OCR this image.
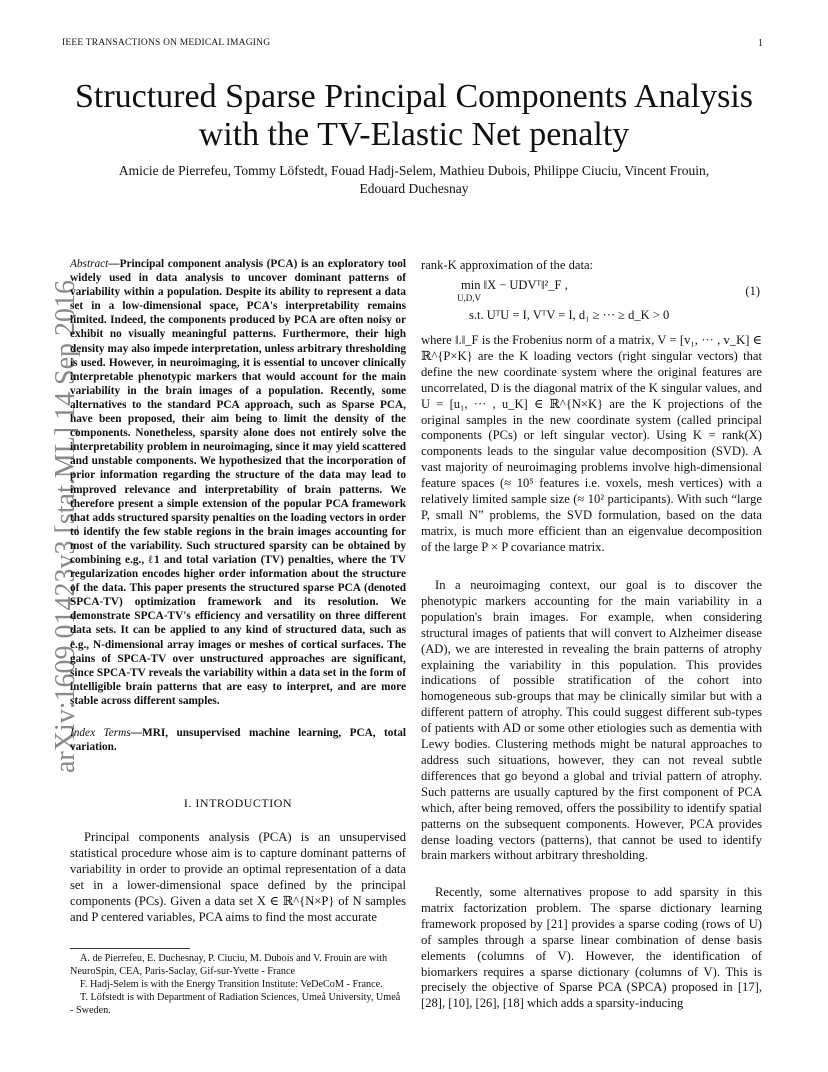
IEEE TRANSACTIONS ON MEDICAL IMAGING	1
arXiv:1609.01423v3 [stat.ML] 14 Sep 2016
Structured Sparse Principal Components Analysis
with the TV-Elastic Net penalty
Amicie de Pierrefeu, Tommy Löfstedt, Fouad Hadj-Selem, Mathieu Dubois, Philippe Ciuciu, Vincent Frouin,
Edouard Duchesnay
Abstract—Principal component analysis (PCA) is an exploratory tool widely used in data analysis to uncover dominant patterns of variability within a population. Despite its ability to represent a data set in a low-dimensional space, PCA's interpretability remains limited. Indeed, the components produced by PCA are often noisy or exhibit no visually meaningful patterns. Furthermore, their high density may also impede interpretation, unless arbitrary thresholding is used. However, in neuroimaging, it is essential to uncover clinically interpretable phenotypic markers that would account for the main variability in the brain images of a population. Recently, some alternatives to the standard PCA approach, such as Sparse PCA, have been proposed, their aim being to limit the density of the components. Nonetheless, sparsity alone does not entirely solve the interpretability problem in neuroimaging, since it may yield scattered and unstable components. We hypothesized that the incorporation of prior information regarding the structure of the data may lead to improved relevance and interpretability of brain patterns. We therefore present a simple extension of the popular PCA framework that adds structured sparsity penalties on the loading vectors in order to identify the few stable regions in the brain images accounting for most of the variability. Such structured sparsity can be obtained by combining e.g., ℓ1 and total variation (TV) penalties, where the TV regularization encodes higher order information about the structure of the data. This paper presents the structured sparse PCA (denoted SPCA-TV) optimization framework and its resolution. We demonstrate SPCA-TV's efficiency and versatility on three different data sets. It can be applied to any kind of structured data, such as e.g., N-dimensional array images or meshes of cortical surfaces. The gains of SPCA-TV over unstructured approaches are significant, since SPCA-TV reveals the variability within a data set in the form of intelligible brain patterns that are easy to interpret, and are more stable across different samples.
Index Terms—MRI, unsupervised machine learning, PCA, total variation.
I. INTRODUCTION
Principal components analysis (PCA) is an unsupervised statistical procedure whose aim is to capture dominant patterns of variability in order to provide an optimal representation of a data set in a lower-dimensional space defined by the principal components (PCs). Given a data set X ∈ ℝ^{N×P} of N samples and P centered variables, PCA aims to find the most accurate

A. de Pierrefeu, E. Duchesnay, P. Ciuciu, M. Dubois and V. Frouin are with NeuroSpin, CEA, Paris-Saclay, Gif-sur-Yvette - France

F. Hadj-Selem is with the Energy Transition Institute: VeDeCoM - France.

T. Löfstedt is with Department of Radiation Sciences, Umeå University, Umeå - Sweden.

rank-K approximation of the data:
min ‖X − UDVᵀ‖²_F ,
U,D,V
s.t. UᵀU = I, VᵀV = I, d₁ ≥ ··· ≥ d_K > 0
(1)
where ‖.‖_F is the Frobenius norm of a matrix, V = [v₁, ··· , v_K] ∈ ℝ^{P×K} are the K loading vectors (right singular vectors) that define the new coordinate system where the original features are uncorrelated, D is the diagonal matrix of the K singular values, and U = [u₁, ··· , u_K] ∈ ℝ^{N×K} are the K projections of the original samples in the new coordinate system (called principal components (PCs) or left singular vector). Using K = rank(X) components leads to the singular value decomposition (SVD). A vast majority of neuroimaging problems involve high-dimensional feature spaces (≈ 10⁵ features i.e. voxels, mesh vertices) with a relatively limited sample size (≈ 10² participants). With such “large P, small N” problems, the SVD formulation, based on the data matrix, is much more efficient than an eigenvalue decomposition of the large P × P covariance matrix.
In a neuroimaging context, our goal is to discover the phenotypic markers accounting for the main variability in a population's brain images. For example, when considering structural images of patients that will convert to Alzheimer disease (AD), we are interested in revealing the brain patterns of atrophy explaining the variability in this population. This provides indications of possible stratification of the cohort into homogeneous sub-groups that may be clinically similar but with a different pattern of atrophy. This could suggest different sub-types of patients with AD or some other etiologies such as dementia with Lewy bodies. Clustering methods might be natural approaches to address such situations, however, they can not reveal subtle differences that go beyond a global and trivial pattern of atrophy. Such patterns are usually captured by the first component of PCA which, after being removed, offers the possibility to identify spatial patterns on the subsequent components. However, PCA provides dense loading vectors (patterns), that cannot be used to identify brain markers without arbitrary thresholding.
Recently, some alternatives propose to add sparsity in this matrix factorization problem. The sparse dictionary learning framework proposed by [21] provides a sparse coding (rows of U) of samples through a sparse linear combination of dense basis elements (columns of V). However, the identification of biomarkers requires a sparse dictionary (columns of V). This is precisely the objective of Sparse PCA (SPCA) proposed in [17], [28], [10], [26], [18] which adds a sparsity-inducing
